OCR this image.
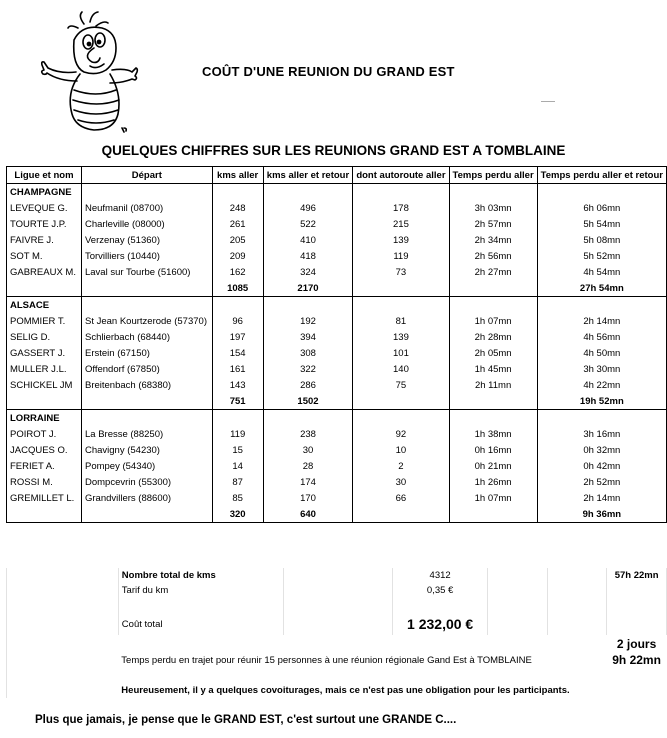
COÛT D'UNE REUNION DU GRAND EST
QUELQUES CHIFFRES SUR LES REUNIONS GRAND EST A TOMBLAINE
Ligue et nom	Départ	kms aller	kms aller et retour	dont autoroute aller	Temps perdu aller	Temps perdu aller et retour
CHAMPAGNE						
LEVEQUE G.	Neufmanil (08700)	248	496	178	3h 03mn	6h 06mn
TOURTE J.P.	Charleville (08000)	261	522	215	2h 57mn	5h 54mn
FAIVRE J.	Verzenay (51360)	205	410	139	2h 34mn	5h 08mn
SOT M.	Torvilliers (10440)	209	418	119	2h 56mn	5h 52mn
GABREAUX M.	Laval sur Tourbe (51600)	162	324	73	2h 27mn	4h 54mn
		1085	2170			27h 54mn
ALSACE						
POMMIER T.	St Jean Kourtzerode (57370)	96	192	81	1h 07mn	2h 14mn
SELIG D.	Schlierbach (68440)	197	394	139	2h 28mn	4h 56mn
GASSERT J.	Erstein (67150)	154	308	101	2h 05mn	4h 50mn
MULLER J.L.	Offendorf (67850)	161	322	140	1h 45mn	3h 30mn
SCHICKEL JM	Breitenbach (68380)	143	286	75	2h 11mn	4h 22mn
		751	1502			19h 52mn
LORRAINE						
POIROT J.	La Bresse (88250)	119	238	92	1h 38mn	3h 16mn
JACQUES O.	Chavigny (54230)	15	30	10	0h 16mn	0h 32mn
FERIET A.	Pompey (54340)	14	28	2	0h 21mn	0h 42mn
ROSSI M.	Dompcevrin (55300)	87	174	30	1h 26mn	2h 52mn
GREMILLET L.	Grandvillers (88600)	85	170	66	1h 07mn	2h 14mn
		320	640			9h 36mn
	Nombre total de kms		4312			57h 22mn
	Tarif du km		0,35 €			

	Coût total		1 232,00 €			
						2 jours
	Temps perdu en trajet pour réunir 15 personnes à une réunion régionale Gand Est à TOMBLAINE					9h 22mn

	Heureusement, il y a quelques covoiturages, mais ce n'est pas une obligation pour les participants.					
Plus que jamais, je pense que le GRAND EST, c'est surtout une GRANDE C....
